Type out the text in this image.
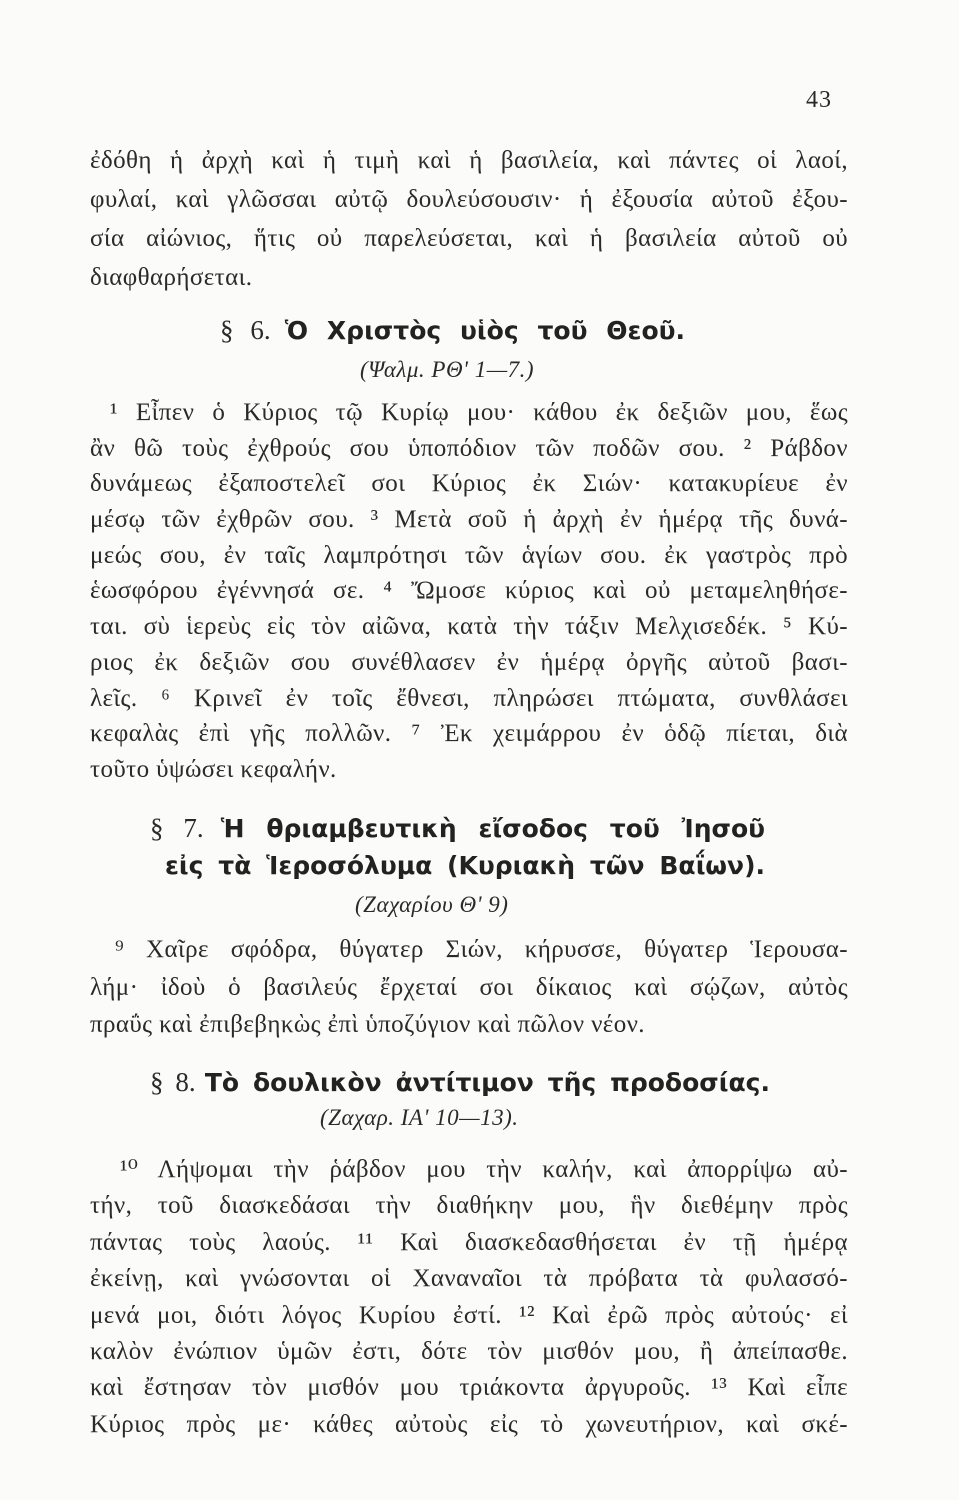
43
ἐδόθη ἡ ἀρχὴ καὶ ἡ τιμὴ καὶ ἡ βασιλεία, καὶ πάντες οἱ λαοί,
φυλαί, καὶ γλῶσσαι αὐτῷ δουλεύσουσιν· ἡ ἐξουσία αὐτοῦ ἐξου-
σία αἰώνιος, ἥτις οὐ παρελεύσεται, καὶ ἡ βασιλεία αὐτοῦ οὐ
διαφθαρήσεται.
§ 6. Ὁ Χριστὸς υἱὸς τοῦ Θεοῦ.
(Ψαλμ. ΡΘ' 1—7.)
¹ Εἶπεν ὁ Κύριος τῷ Κυρίῳ μου· κάθου ἐκ δεξιῶν μου, ἕως
ἂν θῶ τοὺς ἐχθρούς σου ὑποπόδιον τῶν ποδῶν σου. ² Ράβδον
δυνάμεως ἐξαποστελεῖ σοι Κύριος ἐκ Σιών· κατακυρίευε ἐν
μέσῳ τῶν ἐχθρῶν σου. ³ Μετὰ σοῦ ἡ ἀρχὴ ἐν ἡμέρᾳ τῆς δυνά-
μεώς σου, ἐν ταῖς λαμπρότησι τῶν ἁγίων σου. ἐκ γαστρὸς πρὸ
ἑωσφόρου ἐγέννησά σε. ⁴ Ὤμοσε κύριος καὶ οὐ μεταμεληθήσε-
ται. σὺ ἱερεὺς εἰς τὸν αἰῶνα, κατὰ τὴν τάξιν Μελχισεδέκ. ⁵ Κύ-
ριος ἐκ δεξιῶν σου συνέθλασεν ἐν ἡμέρᾳ ὀργῆς αὐτοῦ βασι-
λεῖς. ⁶ Κρινεῖ ἐν τοῖς ἔθνεσι, πληρώσει πτώματα, συνθλάσει
κεφαλὰς ἐπὶ γῆς πολλῶν. ⁷ Ἐκ χειμάρρου ἐν ὁδῷ πίεται, διὰ
τοῦτο ὑψώσει κεφαλήν.
§ 7. Ἡ θριαμβευτικὴ εἴσοδος τοῦ Ἰησοῦ
εἰς τὰ Ἱεροσόλυμα (Κυριακὴ τῶν Βαΐων).
(Ζαχαρίου Θ' 9)
⁹ Χαῖρε σφόδρα, θύγατερ Σιών, κήρυσσε, θύγατερ Ἱερουσα-
λήμ· ἰδοὺ ὁ βασιλεύς ἔρχεταί σοι δίκαιος καὶ σῴζων, αὐτὸς
πραΰς καὶ ἐπιβεβηκὼς ἐπὶ ὑποζύγιον καὶ πῶλον νέον.
§ 8. Τὸ δουλικὸν ἀντίτιμον τῆς προδοσίας.
(Ζαχαρ. ΙΑ' 10—13).
¹⁰ Λήψομαι τὴν ῥάβδον μου τὴν καλήν, καὶ ἀπορρίψω αὐ-
τήν, τοῦ διασκεδάσαι τὴν διαθήκην μου, ἣν διεθέμην πρὸς
πάντας τοὺς λαούς. ¹¹ Καὶ διασκεδασθήσεται ἐν τῇ ἡμέρᾳ
ἐκείνῃ, καὶ γνώσονται οἱ Χαναναῖοι τὰ πρόβατα τὰ φυλασσό-
μενά μοι, διότι λόγος Κυρίου ἐστί. ¹² Καὶ ἐρῶ πρὸς αὐτούς· εἰ
καλὸν ἐνώπιον ὑμῶν ἐστι, δότε τὸν μισθόν μου, ἢ ἀπείπασθε.
καὶ ἔστησαν τὸν μισθόν μου τριάκοντα ἀργυροῦς. ¹³ Καὶ εἶπε
Κύριος πρὸς με· κάθες αὐτοὺς εἰς τὸ χωνευτήριον, καὶ σκέ-
